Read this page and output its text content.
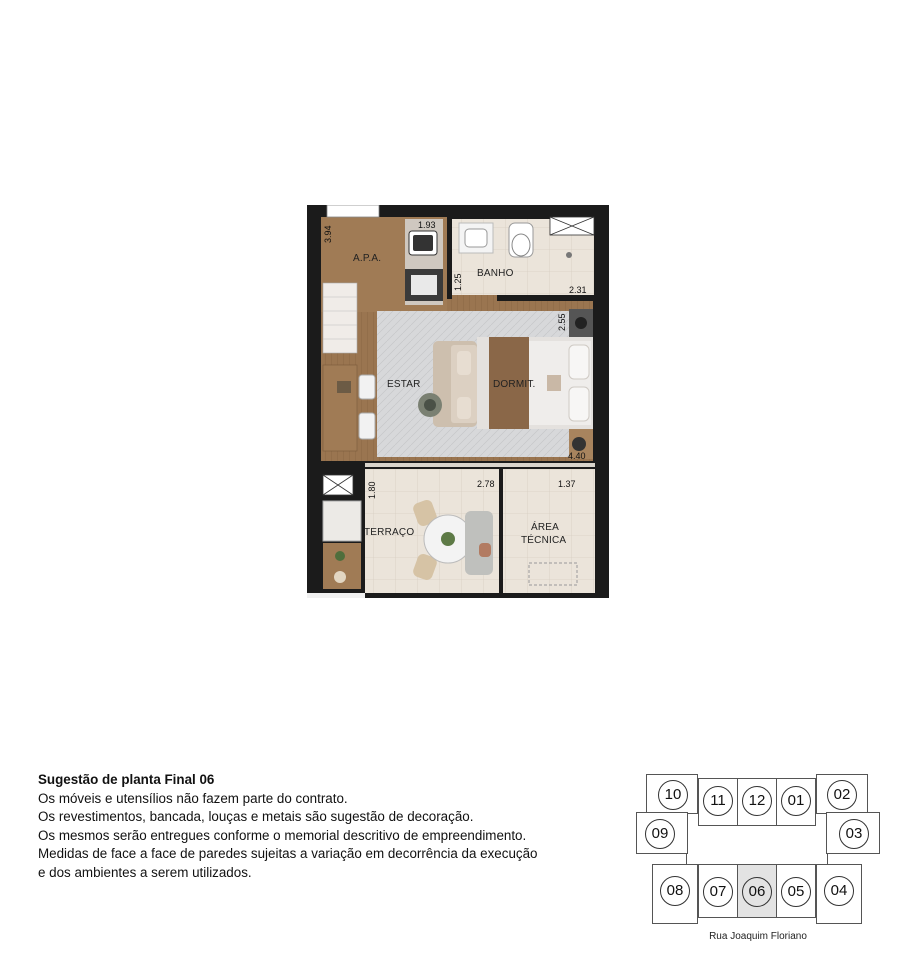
A.P.A.
BANHO
ESTAR	DORMIT.
TERRAÇO	ÁREA
TÉCNICA
3.94
1.93
1.25	2.31
2.55
4.40
1.80	2.78	1.37
Sugestão de planta Final 06
Os móveis e utensílios não fazem parte do contrato.
Os revestimentos, bancada, louças e metais são sugestão de decoração.
Os mesmos serão entregues conforme o memorial descritivo de empreendimento.
Medidas de face a face de paredes sujeitas a variação em decorrência da execução
e dos ambientes a serem utilizados.
10	11	12	01	02
09	03
08	07	06	05	04
Rua Joaquim Floriano
